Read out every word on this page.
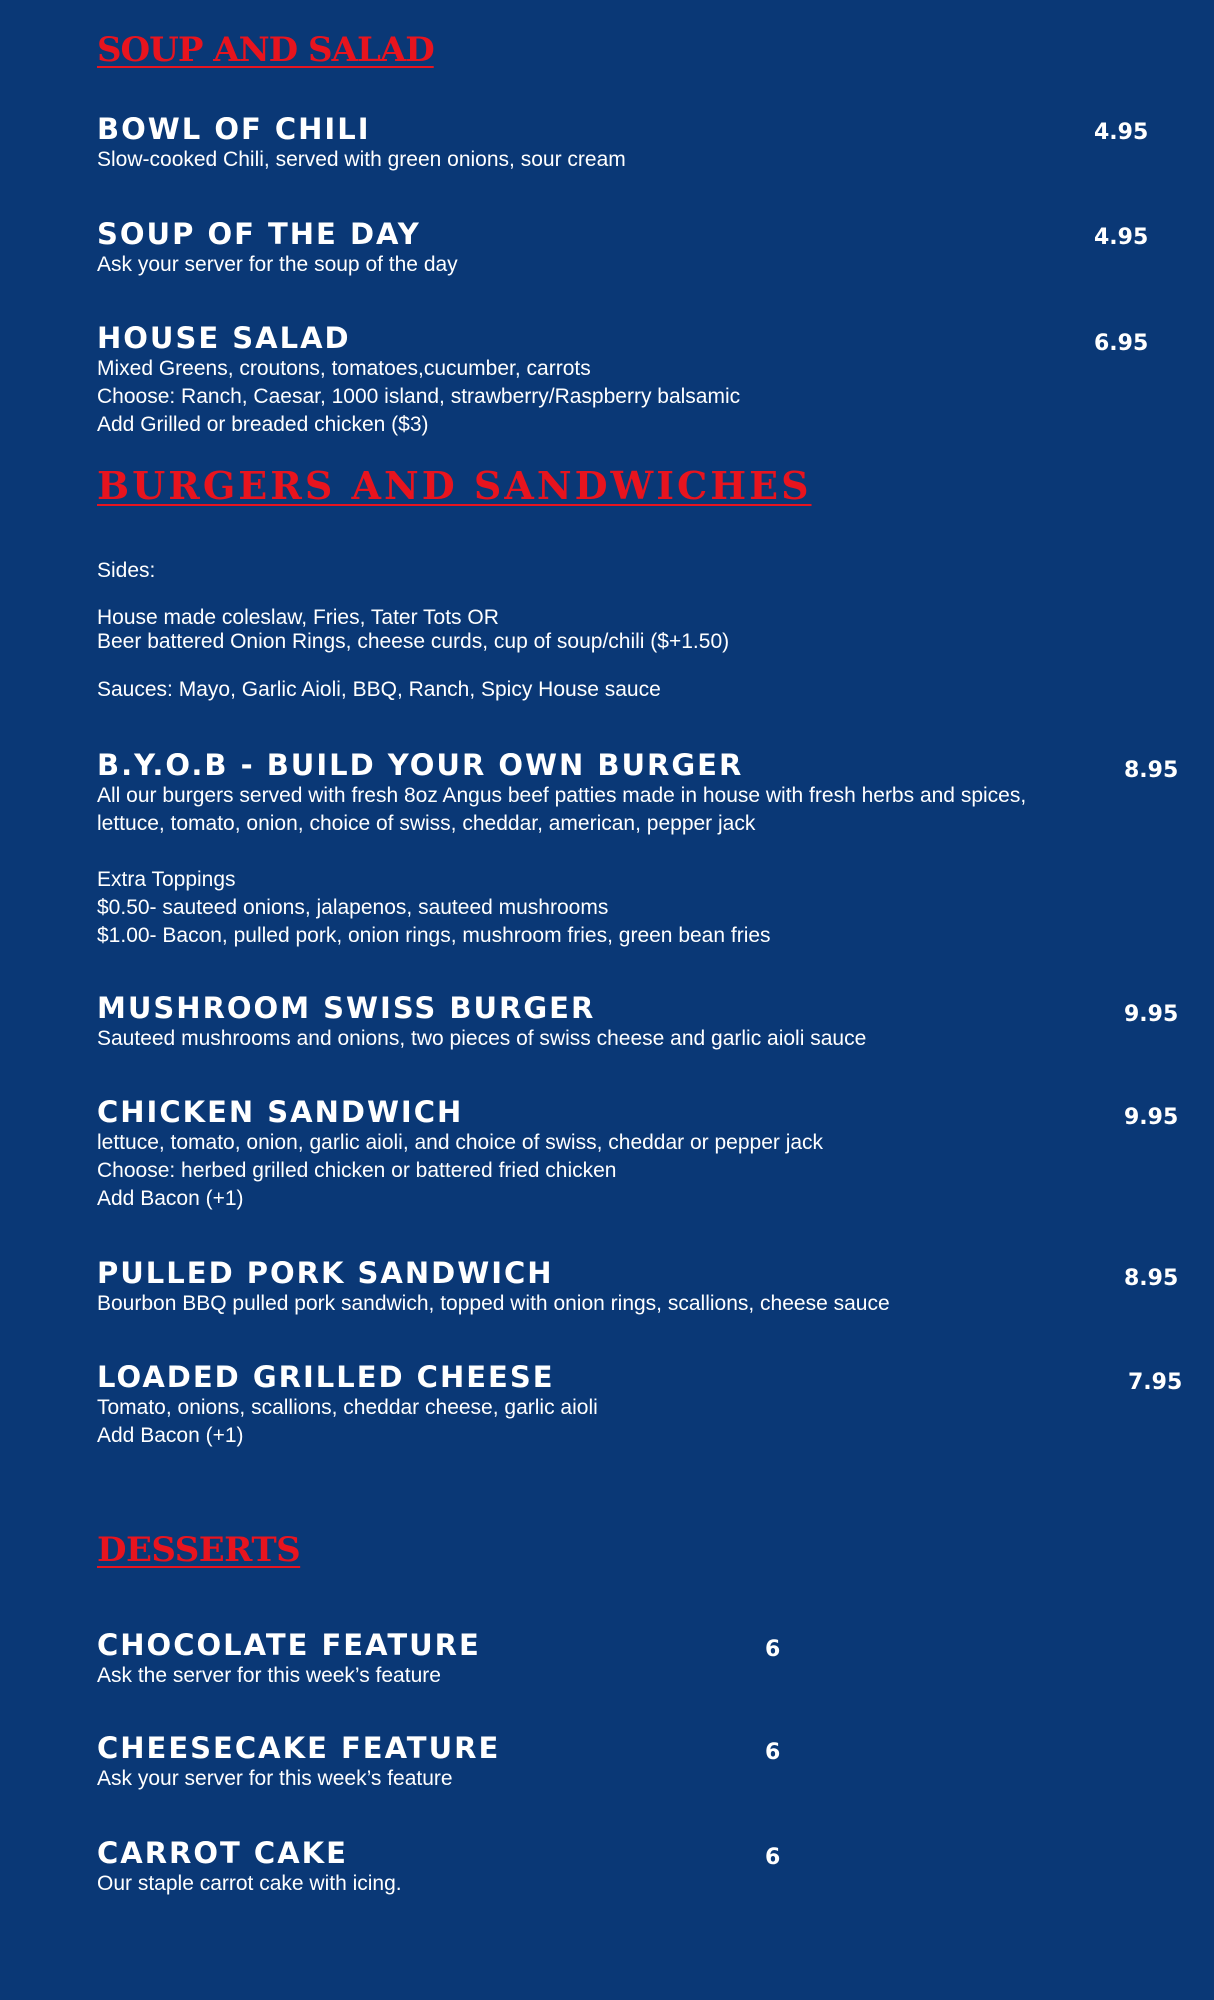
SOUP AND SALAD

BOWL OF CHILI

Slow-cooked Chili, served with green onions, sour cream

4.95

SOUP OF THE DAY

Ask your server for the soup of the day

4.95

HOUSE SALAD

Mixed Greens, croutons, tomatoes,cucumber, carrots
Choose: Ranch, Caesar, 1000 island, strawberry/Raspberry balsamic
Add Grilled or breaded chicken ($3)

6.95
BURGERS AND SANDWICHES

Sides:

House made coleslaw, Fries, Tater Tots OR
Beer battered Onion Rings, cheese curds, cup of soup/chili ($+1.50)

Sauces: Mayo, Garlic Aioli, BBQ, Ranch, Spicy House sauce

B.Y.O.B - BUILD YOUR OWN BURGER

All our burgers served with fresh 8oz Angus beef patties made in house with fresh herbs and spices,
lettuce, tomato, onion, choice of swiss, cheddar, american, pepper jack

Extra Toppings
$0.50- sauteed onions, jalapenos, sauteed mushrooms
$1.00- Bacon, pulled pork, onion rings, mushroom fries, green bean fries

8.95

MUSHROOM SWISS BURGER

Sauteed mushrooms and onions, two pieces of swiss cheese and garlic aioli sauce

9.95

CHICKEN SANDWICH

lettuce, tomato, onion, garlic aioli, and choice of swiss, cheddar or pepper jack
Choose: herbed grilled chicken or battered fried chicken
Add Bacon (+1)

9.95

PULLED PORK SANDWICH

Bourbon BBQ pulled pork sandwich, topped with onion rings, scallions, cheese sauce

8.95

LOADED GRILLED CHEESE

Tomato, onions, scallions, cheddar cheese, garlic aioli
Add Bacon (+1)

7.95
DESSERTS

CHOCOLATE FEATURE

Ask the server for this week’s feature

6

CHEESECAKE FEATURE

Ask your server for this week’s feature

6

CARROT CAKE

Our staple carrot cake with icing.

6
